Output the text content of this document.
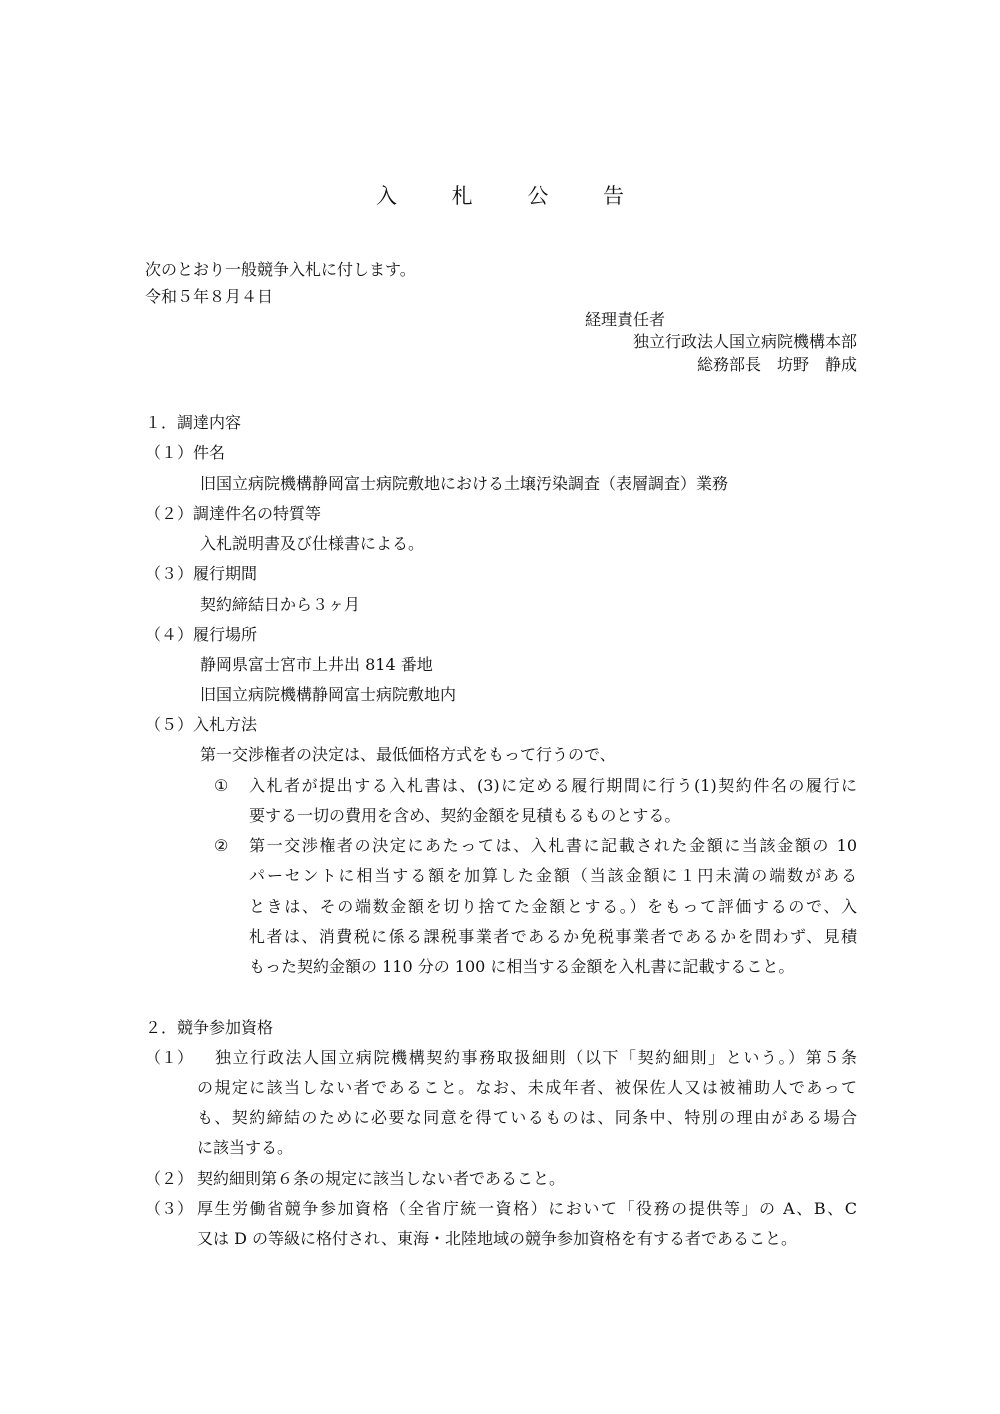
入 札 公 告
次のとおり一般競争入札に付します。
令和５年８月４日
経理責任者
独立行政法人国立病院機構本部
総務部長　坊野　静成
１．調達内容
（１）件名
旧国立病院機構静岡富士病院敷地における土壌汚染調査（表層調査）業務
（２）調達件名の特質等
入札説明書及び仕様書による。
（３）履行期間
契約締結日から３ヶ月
（４）履行場所
静岡県富士宮市上井出 814 番地
旧国立病院機構静岡富士病院敷地内
（５）入札方法
第一交渉権者の決定は、最低価格方式をもって行うので、
① 入札者が提出する入札書は、(3)に定める履行期間に行う(1)契約件名の履行に
要する一切の費用を含め、契約金額を見積もるものとする。
② 第一交渉権者の決定にあたっては、入札書に記載された金額に当該金額の 10
パーセントに相当する額を加算した金額（当該金額に１円未満の端数がある
ときは、その端数金額を切り捨てた金額とする。）をもって評価するので、入
札者は、消費税に係る課税事業者であるか免税事業者であるかを問わず、見積
もった契約金額の 110 分の 100 に相当する金額を入札書に記載すること。
２．競争参加資格
（１） 独立行政法人国立病院機構契約事務取扱細則（以下「契約細則」という。）第５条
の規定に該当しない者であること。なお、未成年者、被保佐人又は被補助人であって
も、契約締結のために必要な同意を得ているものは、同条中、特別の理由がある場合
に該当する。
（２） 契約細則第６条の規定に該当しない者であること。
（３） 厚生労働省競争参加資格（全省庁統一資格）において「役務の提供等」の A、B、C
又は D の等級に格付され、東海・北陸地域の競争参加資格を有する者であること。
